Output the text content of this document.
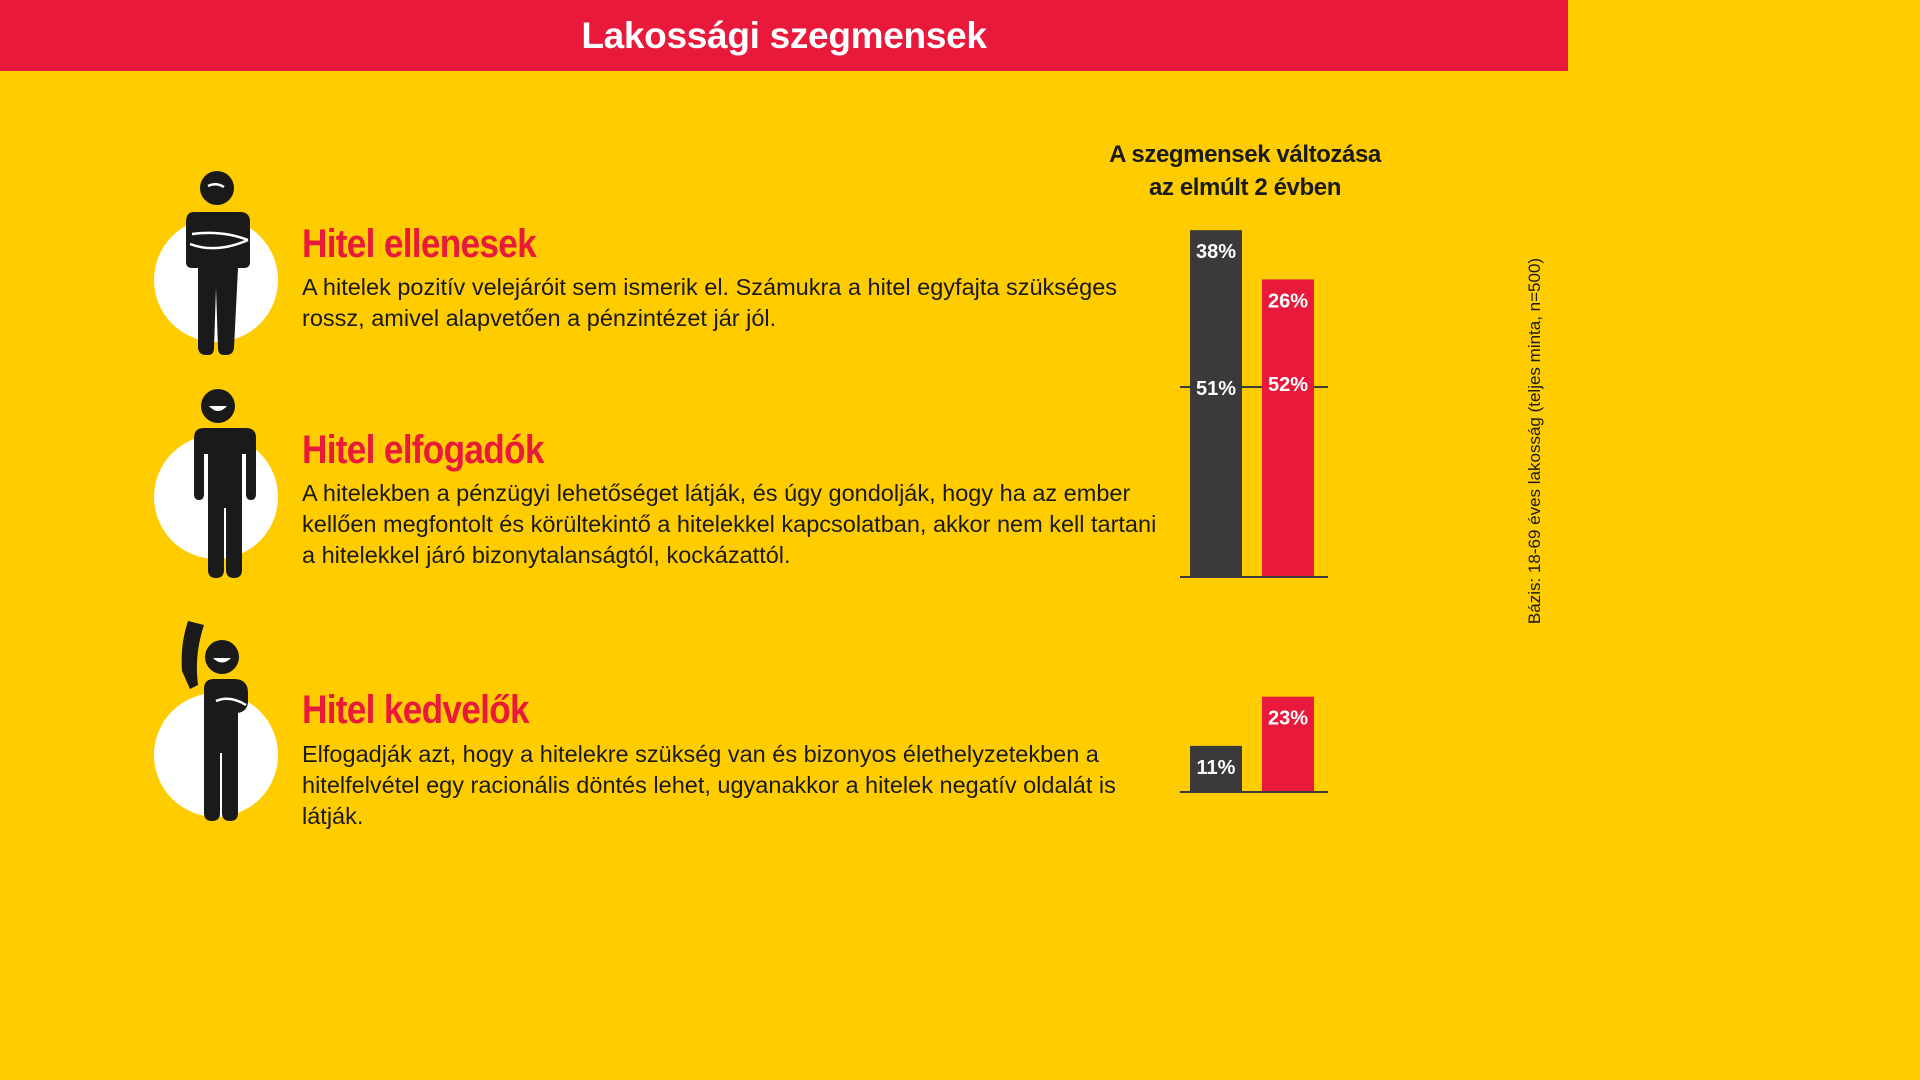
Lakossági szegmensek
A szegmensek változása
az elmúlt 2 évben
Bázis: 18-69 éves lakosság (teljes minta, n=500)
Hitel ellenesek

A hitelek pozitív velejáróit sem ismerik el. Számukra a hitel egyfajta szükséges rossz, amivel alapvetően a pénzintézet jár jól.

38%
26%
Hitel elfogadók

A hitelekben a pénzügyi lehetőséget látják, és úgy gondolják, hogy ha az ember kellően megfontolt és körültekintő a hitelekkel kapcsolatban, akkor nem kell tartani a hitelekkel járó bizonytalanságtól, kockázattól.

51% 52%
Hitel kedvelők

Elfogadják azt, hogy a hitelekre szükség van és bizonyos élethelyzetekben a hitelfelvétel egy racionális döntés lehet, ugyanakkor a hitelek negatív oldalát is látják.

11%
23%
